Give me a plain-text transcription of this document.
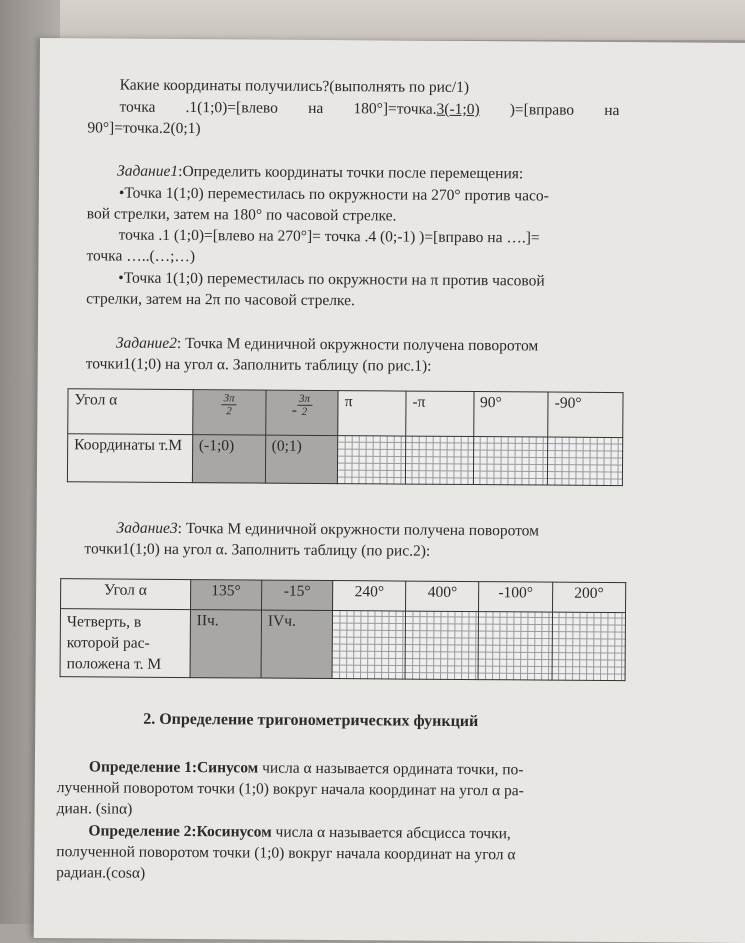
Какие координаты получились?(выполнять по рис/1)
точка .1(1;0)=[влево на 180°]=точка.3(-1;0) )=[вправо на
90°]=точка.2(0;1)
Задание1:Определить координаты точки после перемещения:
•Точка 1(1;0) переместилась по окружности на 270° против часо-
вой стрелки, затем на 180° по часовой стрелке.
точка .1 (1;0)=[влево на 270°]= точка .4 (0;-1) )=[вправо на ….]=
точка …..(…;…)
•Точка 1(1;0) переместилась по окружности на π против часовой
стрелки, затем на 2π по часовой стрелке.
Задание2: Точка М единичной окружности получена поворотом
точки1(1;0) на угол α. Заполнить таблицу (по рис.1):
Угол α	$\frac{3\pi}{2}$	- $\frac{3\pi}{2}$	π	-π	90°	-90°
Координаты т.М	(-1;0)	(0;1)				
Задание3: Точка М единичной окружности получена поворотом
точки1(1;0) на угол α. Заполнить таблицу (по рис.2):
Угол α	135°	-15°	240°	400°	-100°	200°
Четверть, в которой рас-положена т. М	IIч.	IVч.				
2. Определение тригонометрических функций
Определение 1:Синусом числа α называется ордината точки, по-
лученной поворотом точки (1;0) вокруг начала координат на угол α ра-
диан. (sinα)
Определение 2:Косинусом числа α называется абсцисса точки,
полученной поворотом точки (1;0) вокруг начала координат на угол α
радиан.(cosα)
